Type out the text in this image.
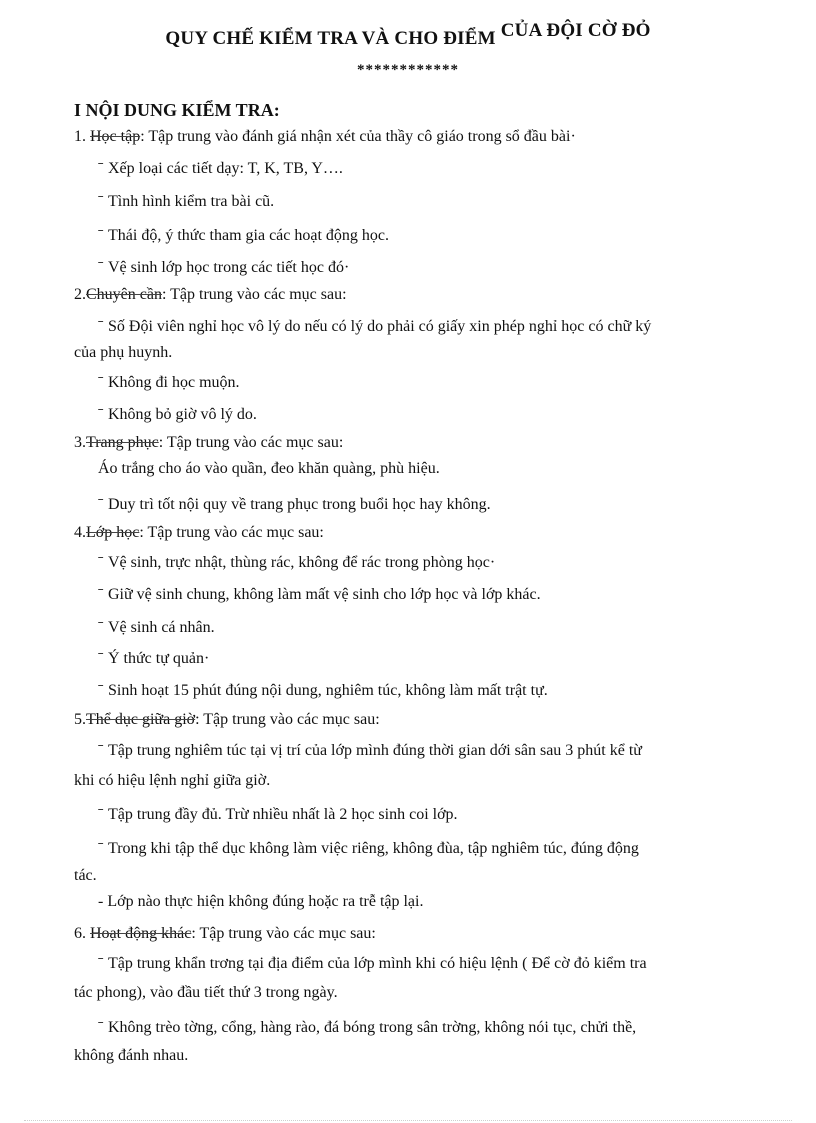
QUY CHẾ KIỂM TRA VÀ CHO ĐIỂM CỦA ĐỘI CỜ ĐỎ
************
I NỘI DUNG KIỂM TRA:
1. Học tập: Tập trung vào đánh giá nhận xét của thầy cô giáo trong sổ đầu bài·
ˉ Xếp loại các tiết dạy: T, K, TB, Y….
ˉ Tình hình kiểm tra bài cũ.
ˉ Thái độ, ý thức tham gia các hoạt động học.
ˉ Vệ sinh lớp học trong các tiết học đó·
2.Chuyên cần: Tập trung vào các mục sau:
ˉ Số Đội viên nghỉ học vô lý do nếu có lý do phải có giấy xin phép nghỉ học có chữ ký
của phụ huynh.
ˉ Không đi học muộn.
ˉ Không bỏ giờ vô lý do.
3.Trang phục: Tập trung vào các mục sau:
Áo trắng cho áo vào quần, đeo khăn quàng, phù hiệu.
ˉ Duy trì tốt nội quy về trang phục trong buổi học hay không.
4.Lớp học: Tập trung vào các mục sau:
ˉ Vệ sinh, trực nhật, thùng rác, không để rác trong phòng học·
ˉ Giữ vệ sinh chung, không làm mất vệ sinh cho lớp học và lớp khác.
ˉ Vệ sinh cá nhân.
ˉ Ý thức tự quản·
ˉ Sinh hoạt 15 phút đúng nội dung, nghiêm túc, không làm mất trật tự.
5.Thể dục giữa giờ: Tập trung vào các mục sau:
ˉ Tập trung nghiêm túc tại vị trí của lớp mình đúng thời gian dới sân sau 3 phút kể từ
khi có hiệu lệnh nghỉ giữa giờ.
ˉ Tập trung đầy đủ. Trừ nhiều nhất là 2 học sinh coi lớp.
ˉ Trong khi tập thể dục không làm việc riêng, không đùa, tập nghiêm túc, đúng động
tác.
- Lớp nào thực hiện không đúng hoặc ra trễ tập lại.
6. Hoạt động khác: Tập trung vào các mục sau:
ˉ Tập trung khẩn trơng tại địa điểm của lớp mình khi có hiệu lệnh ( Để cờ đỏ kiểm tra
tác phong), vào đầu tiết thứ 3 trong ngày.
ˉ Không trèo tờng, cổng, hàng rào, đá bóng trong sân trờng, không nói tục, chửi thề,
không đánh nhau.
